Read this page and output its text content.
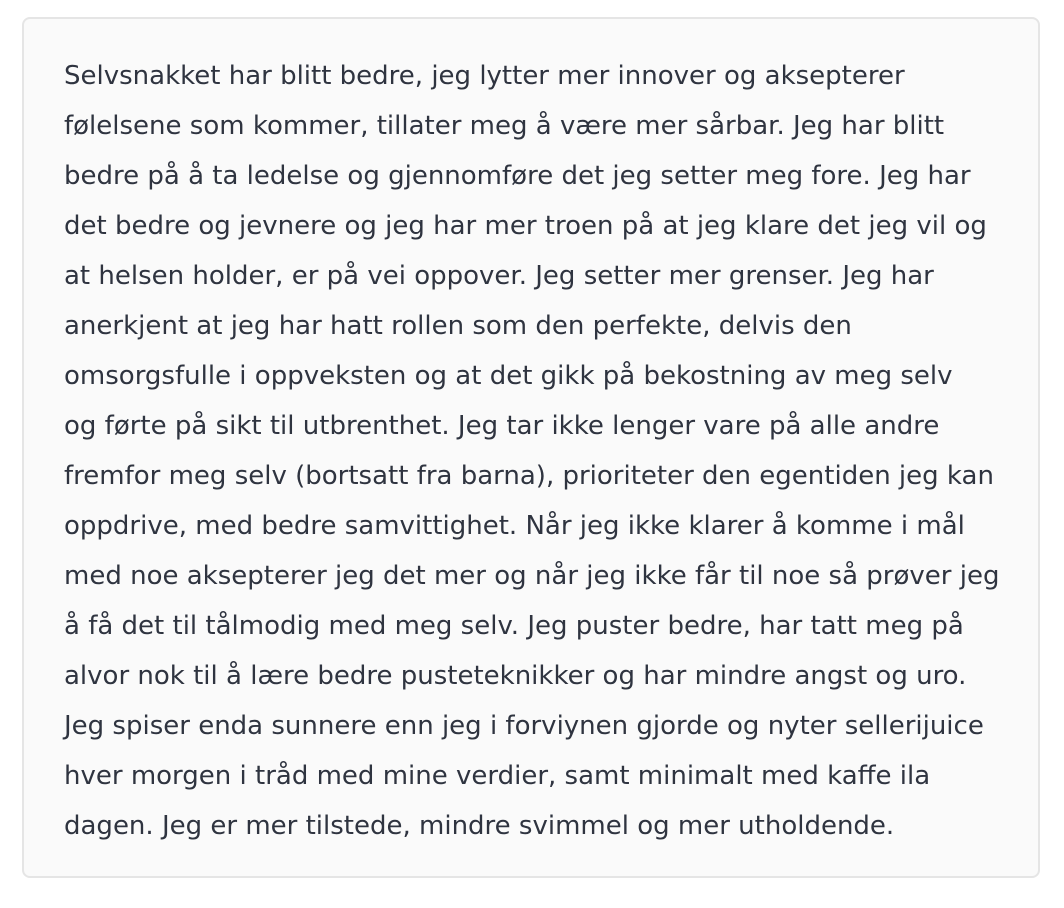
Selvsnakket har blitt bedre, jeg lytter mer innover og aksepterer
følelsene som kommer, tillater meg å være mer sårbar. Jeg har blitt
bedre på å ta ledelse og gjennomføre det jeg setter meg fore. Jeg har
det bedre og jevnere og jeg har mer troen på at jeg klare det jeg vil og
at helsen holder, er på vei oppover. Jeg setter mer grenser. Jeg har
anerkjent at jeg har hatt rollen som den perfekte, delvis den
omsorgsfulle i oppveksten og at det gikk på bekostning av meg selv
og førte på sikt til utbrenthet. Jeg tar ikke lenger vare på alle andre
fremfor meg selv (bortsatt fra barna), prioriteter den egentiden jeg kan
oppdrive, med bedre samvittighet. Når jeg ikke klarer å komme i mål
med noe aksepterer jeg det mer og når jeg ikke får til noe så prøver jeg
å få det til tålmodig med meg selv. Jeg puster bedre, har tatt meg på
alvor nok til å lære bedre pusteteknikker og har mindre angst og uro.
Jeg spiser enda sunnere enn jeg i forviynen gjorde og nyter sellerijuice
hver morgen i tråd med mine verdier, samt minimalt med kaffe ila
dagen. Jeg er mer tilstede, mindre svimmel og mer utholdende.
